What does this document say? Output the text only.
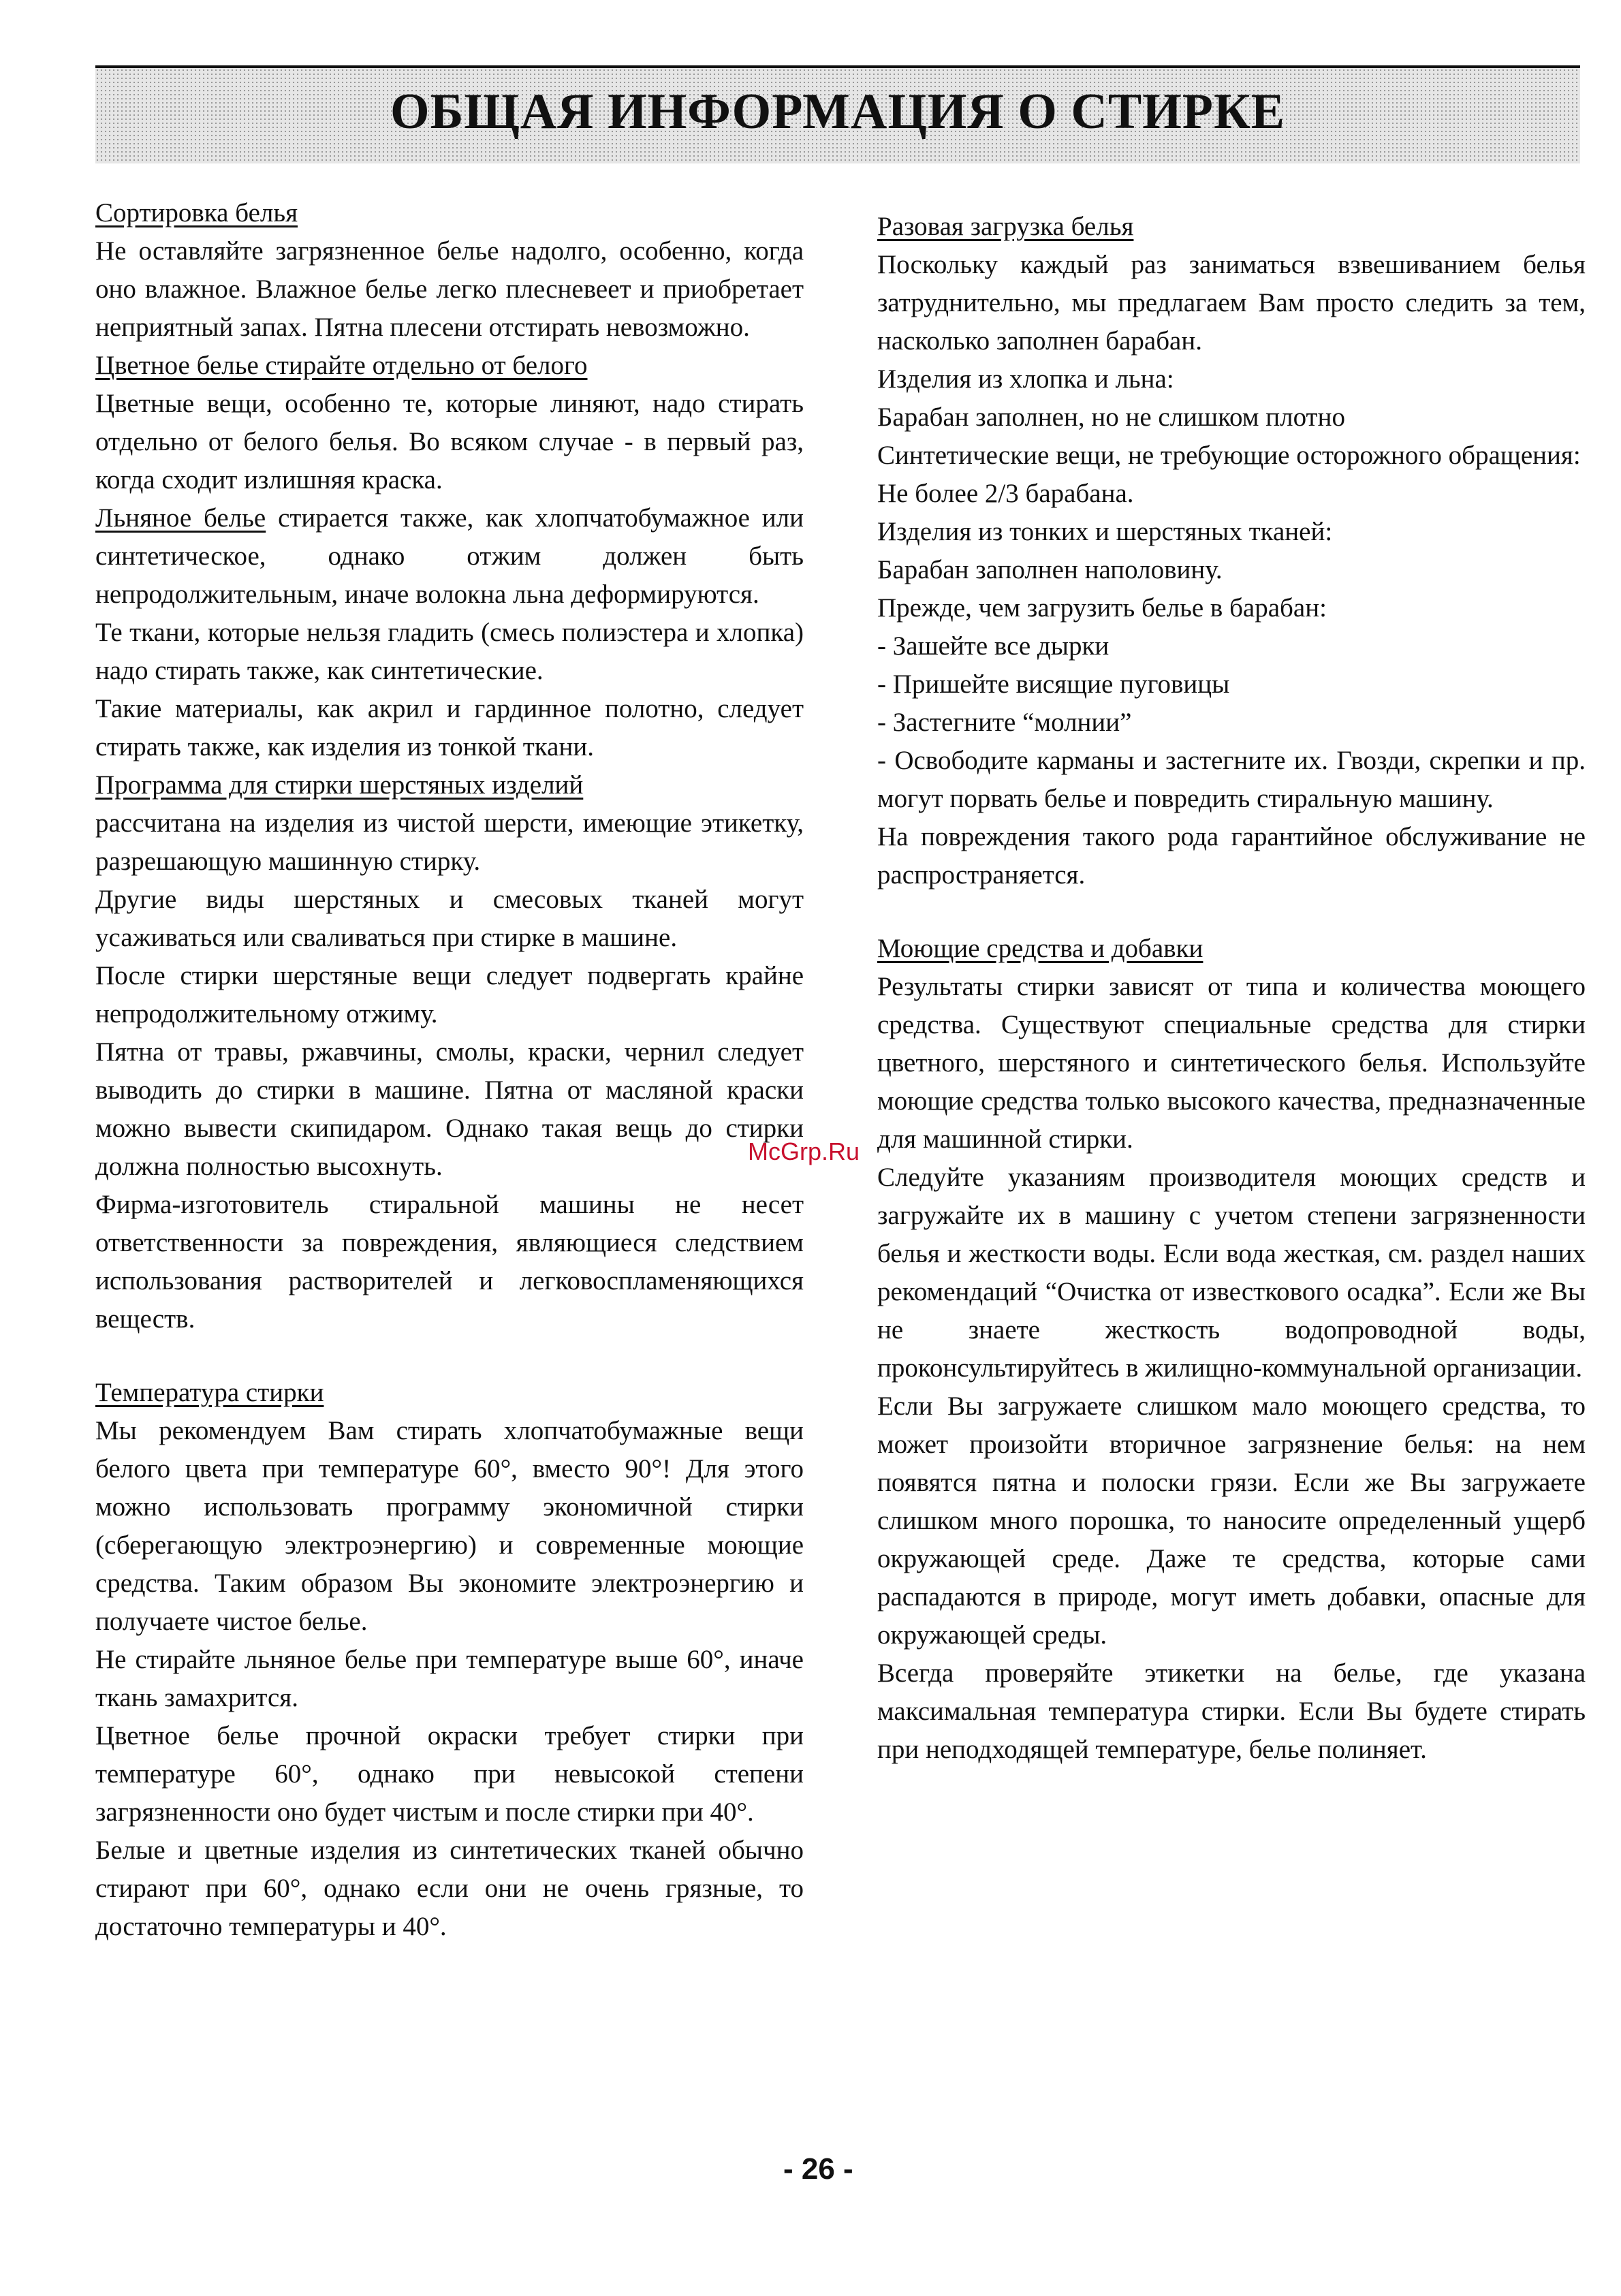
ОБЩАЯ ИНФОРМАЦИЯ О СТИРКЕ
Сортировка белья

Не оставляйте загрязненное белье надолго, особенно, когда оно влажное. Влажное белье легко плесневеет и приобретает неприятный запах. Пятна плесени отстирать невозможно.

Цветное белье стирайте отдельно от белого

Цветные вещи, особенно те, которые линяют, надо стирать отдельно от белого белья. Во всяком случае - в первый раз, когда сходит излишняя краска.

Льняное белье стирается также, как хлопчатобумажное или синтетическое, однако отжим должен быть непродолжительным, иначе волокна льна деформируются.

Те ткани, которые нельзя гладить (смесь полиэстера и хлопка) надо стирать также, как синтетические.

Такие материалы, как акрил и гардинное полотно, следует стирать также, как изделия из тонкой ткани.

Программа для стирки шерстяных изделий

рассчитана на изделия из чистой шерсти, имеющие этикетку, разрешающую машинную стирку.

Другие виды шерстяных и смесовых тканей могут усаживаться или сваливаться при стирке в машине.

После стирки шерстяные вещи следует подвергать крайне непродолжительному отжиму.

Пятна от травы, ржавчины, смолы, краски, чернил следует выводить до стирки в машине. Пятна от масляной краски можно вывести скипидаром. Однако такая вещь до стирки должна полностью высохнуть.

Фирма-изготовитель стиральной машины не несет ответственности за повреждения, являющиеся следствием использования растворителей и легковоспламеняющихся веществ.

Температура стирки

Мы рекомендуем Вам стирать хлопчатобумажные вещи белого цвета при температуре 60°, вместо 90°! Для этого можно использовать программу экономичной стирки (сберегающую электроэнергию) и современные моющие средства. Таким образом Вы экономите электроэнергию и получаете чистое белье.

Не стирайте льняное белье при температуре выше 60°, иначе ткань замахрится.

Цветное белье прочной окраски требует стирки при температуре 60°, однако при невысокой степени загрязненности оно будет чистым и после стирки при 40°.

Белые и цветные изделия из синтетических тканей обычно стирают при 60°, однако если они не очень грязные, то достаточно температуры и 40°.

Разовая загрузка белья

Поскольку каждый раз заниматься взвешиванием белья затруднительно, мы предлагаем Вам просто следить за тем, насколько заполнен барабан.

Изделия из хлопка и льна:

Барабан заполнен, но не слишком плотно

Синтетические вещи, не требующие осторожного обращения:

Не более 2/3 барабана.

Изделия из тонких и шерстяных тканей:

Барабан заполнен наполовину.

Прежде, чем загрузить белье в барабан:

- Зашейте все дырки

- Пришейте висящие пуговицы

- Застегните “молнии”

- Освободите карманы и застегните их. Гвозди, скрепки и пр. могут порвать белье и повредить стиральную машину.

На повреждения такого рода гарантийное обслуживание не распространяется.

Моющие средства и добавки

Результаты стирки зависят от типа и количества моющего средства. Существуют специальные средства для стирки цветного, шерстяного и синтетического белья. Используйте моющие средства только высокого качества, предназначенные для машинной стирки.

Следуйте указаниям производителя моющих средств и загружайте их в машину с учетом степени загрязненности белья и жесткости воды. Если вода жесткая, см. раздел наших рекомендаций “Очистка от известкового осадка”. Если же Вы не знаете жесткость водопроводной воды, проконсультируйтесь в жилищно-коммунальной организации.

Если Вы загружаете слишком мало моющего средства, то может произойти вторичное загрязнение белья: на нем появятся пятна и полоски грязи. Если же Вы загружаете слишком много порошка, то наносите определенный ущерб окружающей среде. Даже те средства, которые сами распадаются в природе, могут иметь добавки, опасные для окружающей среды.

Всегда проверяйте этикетки на белье, где указана максимальная температура стирки. Если Вы будете стирать при неподходящей температуре, белье полиняет.

McGrp.Ru
- 26 -
